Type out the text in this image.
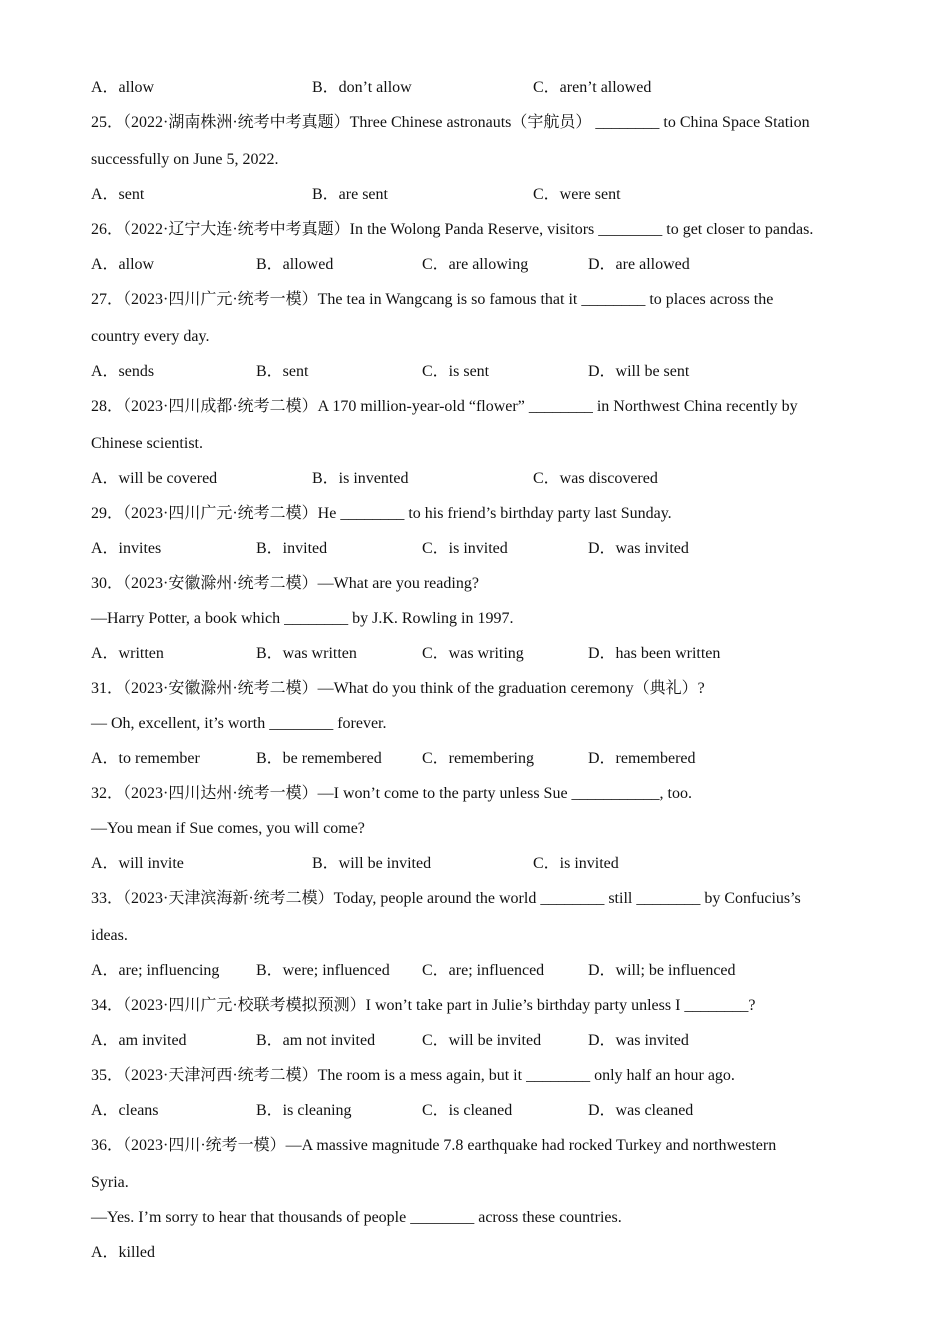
A．allow	B．don’t allow	C．aren’t allowed
25．（2022·湖南株洲·统考中考真题）Three Chinese astronauts（宇航员） ________ to China Space Station
successfully on June 5, 2022.
A．sent	B．are sent	C．were sent
26．（2022·辽宁大连·统考中考真题）In the Wolong Panda Reserve, visitors ________ to get closer to pandas.
A．allow	B．allowed	C．are allowing	D．are allowed
27．（2023·四川广元·统考一模）The tea in Wangcang is so famous that it ________ to places across the
country every day.
A．sends	B．sent	C．is sent	D．will be sent
28．（2023·四川成都·统考二模）A 170 million-year-old “flower” ________ in Northwest China recently by
Chinese scientist.
A．will be covered	B．is invented	C．was discovered
29．（2023·四川广元·统考二模）He ________ to his friend’s birthday party last Sunday.
A．invites	B．invited	C．is invited	D．was invited
30．（2023·安徽滁州·统考二模）—What are you reading?
—Harry Potter, a book which ________ by J.K. Rowling in 1997.
A．written	B．was written	C．was writing	D．has been written
31．（2023·安徽滁州·统考二模）—What do you think of the graduation ceremony（典礼）?
— Oh, excellent, it’s worth ________ forever.
A．to remember	B．be remembered	C．remembering	D．remembered
32．（2023·四川达州·统考一模）—I won’t come to the party unless Sue ___________, too.
—You mean if Sue comes, you will come?
A．will invite	B．will be invited	C．is invited
33．（2023·天津滨海新·统考二模）Today, people around the world ________ still ________ by Confucius’s
ideas.
A．are; influencing B．were; influenced C．are; influenced	D．will; be influenced
34．（2023·四川广元·校联考模拟预测）I won’t take part in Julie’s birthday party unless I ________?
A．am invited	B．am not invited	C．will be invited	D．was invited
35．（2023·天津河西·统考二模）The room is a mess again, but it ________ only half an hour ago.
A．cleans	B．is cleaning	C．is cleaned	D．was cleaned
36．（2023·四川·统考一模）—A massive magnitude 7.8 earthquake had rocked Turkey and northwestern
Syria.
—Yes. I’m sorry to hear that thousands of people ________ across these countries.
A．killed
